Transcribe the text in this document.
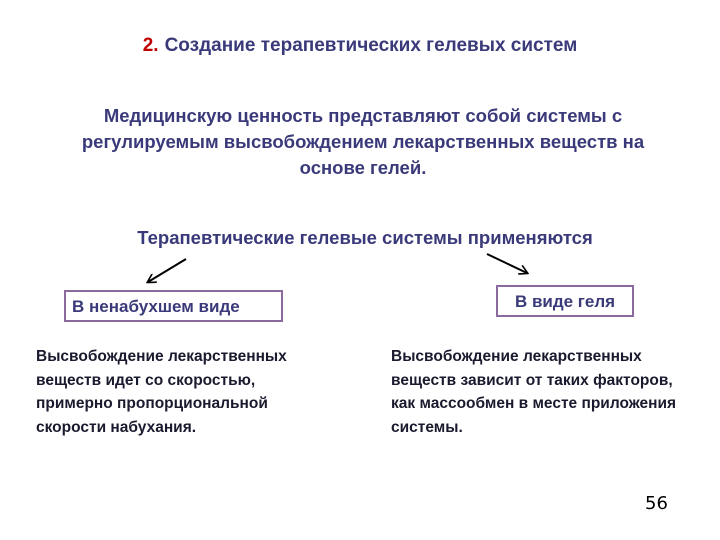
2. Создание терапевтических гелевых систем
Медицинскую ценность представляют собой системы с регулируемым высвобождением лекарственных веществ на основе гелей.
Терапевтические гелевые системы применяются
В ненабухшем виде	В виде геля
Высвобождение лекарственных веществ идет со скоростью, примерно пропорциональной скорости набухания.
Высвобождение лекарственных веществ зависит от таких факторов, как массообмен в месте приложения системы.
56
